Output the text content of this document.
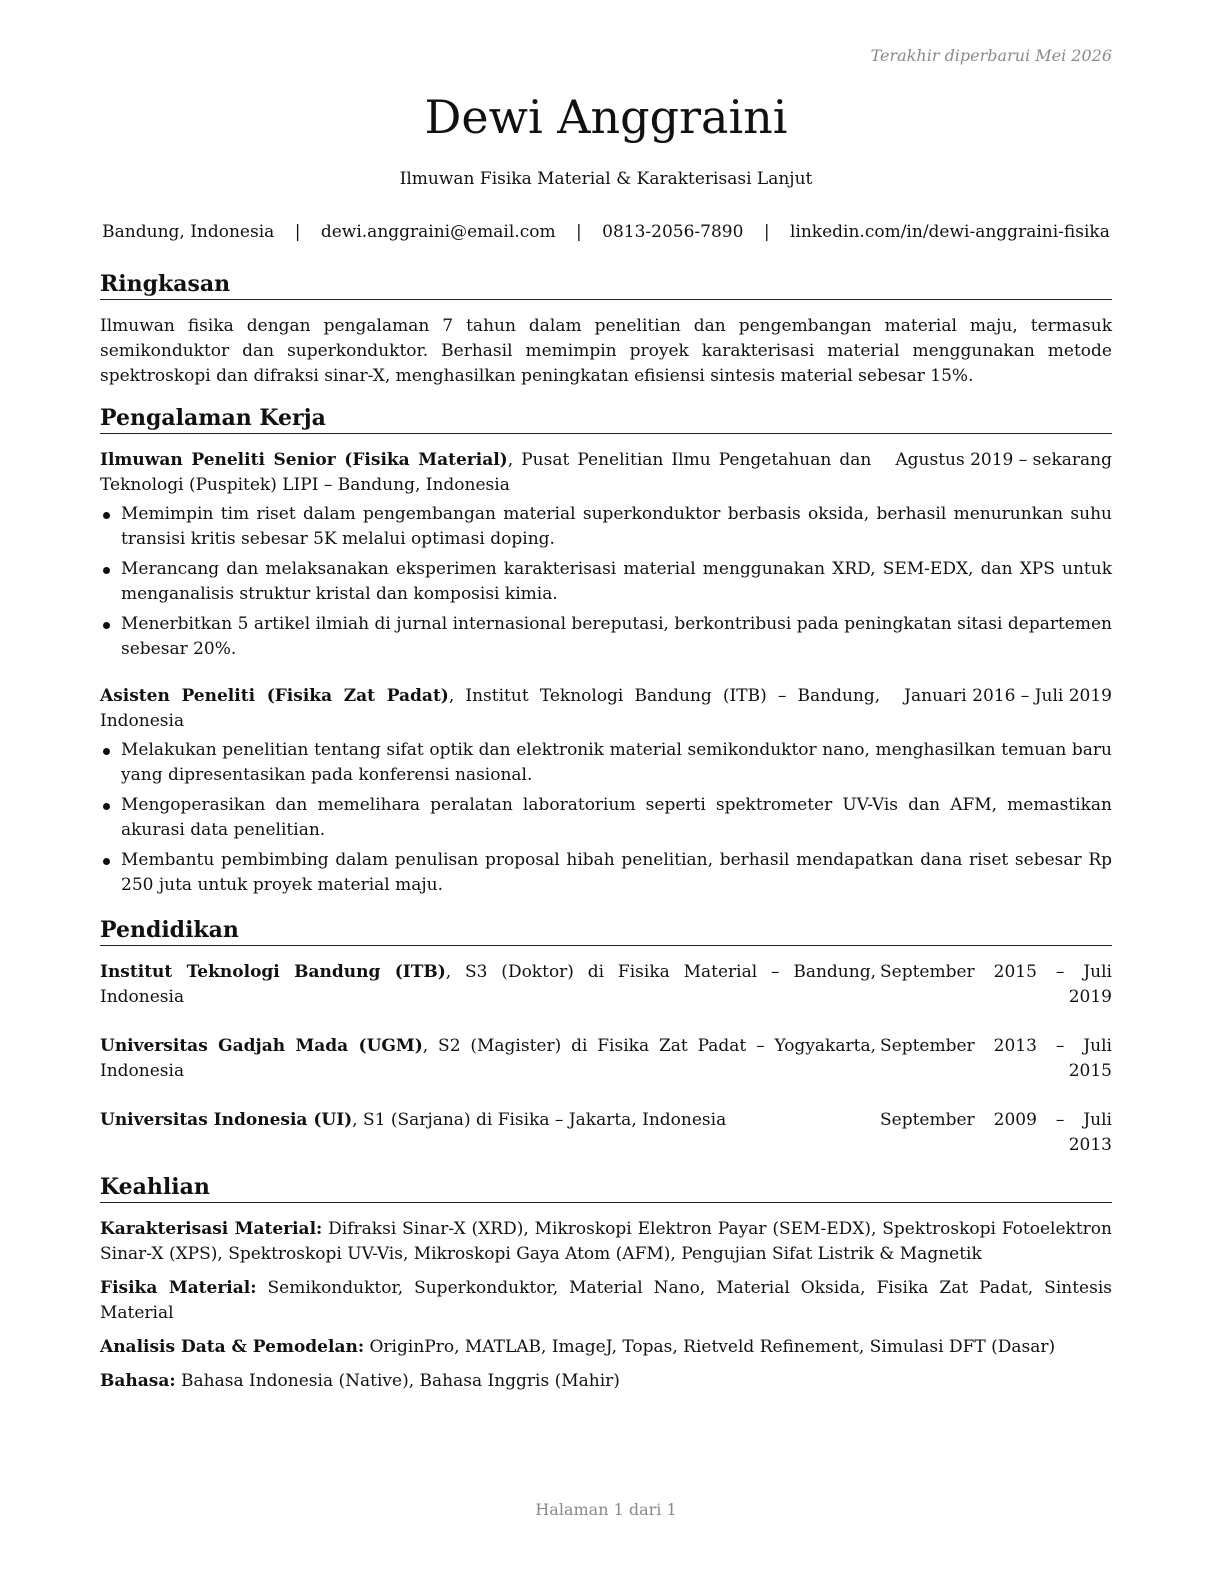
Terakhir diperbarui Mei 2026
Dewi Anggraini
Ilmuwan Fisika Material & Karakterisasi Lanjut
Bandung, Indonesia | dewi.anggraini@email.com | 0813-2056-7890 | linkedin.com/in/dewi-anggraini-fisika
Ringkasan

Ilmuwan fisika dengan pengalaman 7 tahun dalam penelitian dan pengembangan material maju, termasuk semikonduktor dan superkonduktor. Berhasil memimpin proyek karakterisasi material menggunakan metode spektroskopi dan difraksi sinar-X, menghasilkan peningkatan efisiensi sintesis material sebesar 15%.

Pengalaman Kerja
Ilmuwan Peneliti Senior (Fisika Material), Pusat Penelitian Ilmu Pengetahuan dan Teknologi (Puspitek) LIPI – Bandung, Indonesia
Agustus 2019 – sekarang
Memimpin tim riset dalam pengembangan material superkonduktor berbasis oksida, berhasil menurunkan suhu transisi kritis sebesar 5K melalui optimasi doping.
Merancang dan melaksanakan eksperimen karakterisasi material menggunakan XRD, SEM-EDX, dan XPS untuk menganalisis struktur kristal dan komposisi kimia.
Menerbitkan 5 artikel ilmiah di jurnal internasional bereputasi, berkontribusi pada peningkatan sitasi departemen sebesar 20%.
Asisten Peneliti (Fisika Zat Padat), Institut Teknologi Bandung (ITB) – Bandung, Indonesia
Januari 2016 – Juli 2019
Melakukan penelitian tentang sifat optik dan elektronik material semikonduktor nano, menghasilkan temuan baru yang dipresentasikan pada konferensi nasional.
Mengoperasikan dan memelihara peralatan laboratorium seperti spektrometer UV-Vis dan AFM, memastikan akurasi data penelitian.
Membantu pembimbing dalam penulisan proposal hibah penelitian, berhasil mendapatkan dana riset sebesar Rp 250 juta untuk proyek material maju.
Pendidikan
Institut Teknologi Bandung (ITB), S3 (Doktor) di Fisika Material – Bandung, Indonesia
September 2015 – Juli 2019
Universitas Gadjah Mada (UGM), S2 (Magister) di Fisika Zat Padat – Yogyakarta, Indonesia
September 2013 – Juli 2015
Universitas Indonesia (UI), S1 (Sarjana) di Fisika – Jakarta, Indonesia	September 2009 – Juli 2013
Keahlian

Karakterisasi Material: Difraksi Sinar-X (XRD), Mikroskopi Elektron Payar (SEM-EDX), Spektroskopi Fotoelektron Sinar-X (XPS), Spektroskopi UV-Vis, Mikroskopi Gaya Atom (AFM), Pengujian Sifat Listrik & Magnetik

Fisika Material: Semikonduktor, Superkonduktor, Material Nano, Material Oksida, Fisika Zat Padat, Sintesis Material

Analisis Data & Pemodelan: OriginPro, MATLAB, ImageJ, Topas, Rietveld Refinement, Simulasi DFT (Dasar)

Bahasa: Bahasa Indonesia (Native), Bahasa Inggris (Mahir)

Halaman 1 dari 1
